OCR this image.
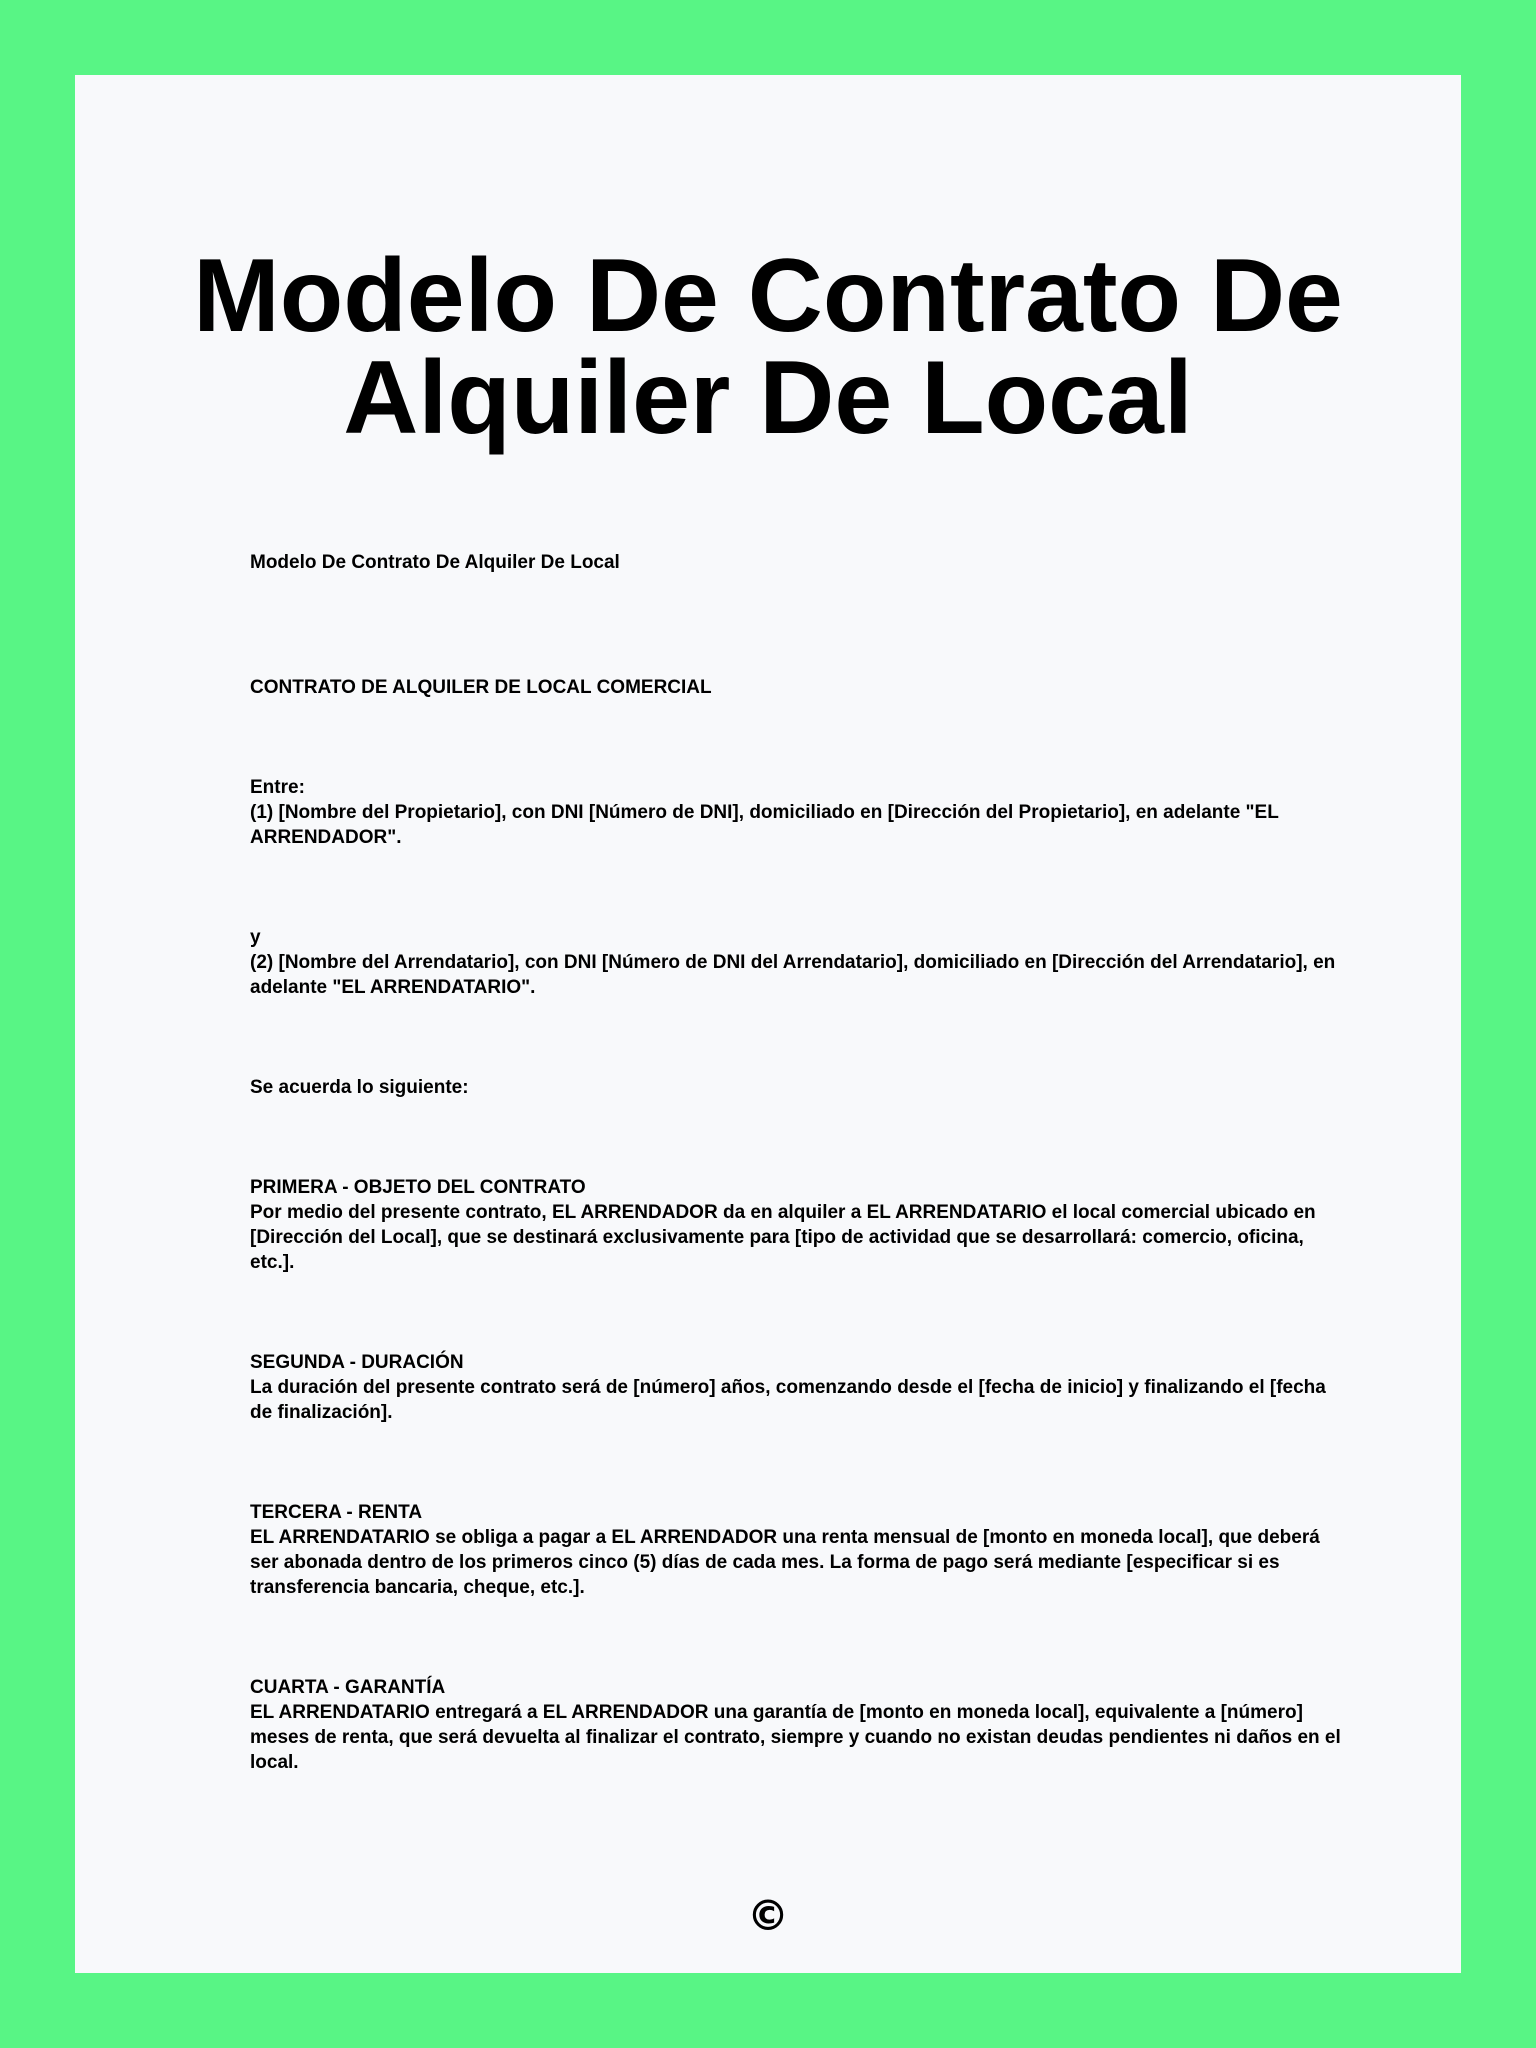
Modelo De Contrato De Alquiler De Local

Modelo De Contrato De Alquiler De Local

CONTRATO DE ALQUILER DE LOCAL COMERCIAL

Entre:

(1) [Nombre del Propietario], con DNI [Número de DNI], domiciliado en [Dirección del Propietario], en adelante "EL ARRENDADOR".

y

(2) [Nombre del Arrendatario], con DNI [Número de DNI del Arrendatario], domiciliado en [Dirección del Arrendatario], en adelante "EL ARRENDATARIO".

Se acuerda lo siguiente:

PRIMERA - OBJETO DEL CONTRATO

Por medio del presente contrato, EL ARRENDADOR da en alquiler a EL ARRENDATARIO el local comercial ubicado en [Dirección del Local], que se destinará exclusivamente para [tipo de actividad que se desarrollará: comercio, oficina, etc.].

SEGUNDA - DURACIÓN

La duración del presente contrato será de [número] años, comenzando desde el [fecha de inicio] y finalizando el [fecha de finalización].

TERCERA - RENTA

EL ARRENDATARIO se obliga a pagar a EL ARRENDADOR una renta mensual de [monto en moneda local], que deberá ser abonada dentro de los primeros cinco (5) días de cada mes. La forma de pago será mediante [especificar si es transferencia bancaria, cheque, etc.].

CUARTA - GARANTÍA

EL ARRENDATARIO entregará a EL ARRENDADOR una garantía de [monto en moneda local], equivalente a [número] meses de renta, que será devuelta al finalizar el contrato, siempre y cuando no existan deudas pendientes ni daños en el local.

©
